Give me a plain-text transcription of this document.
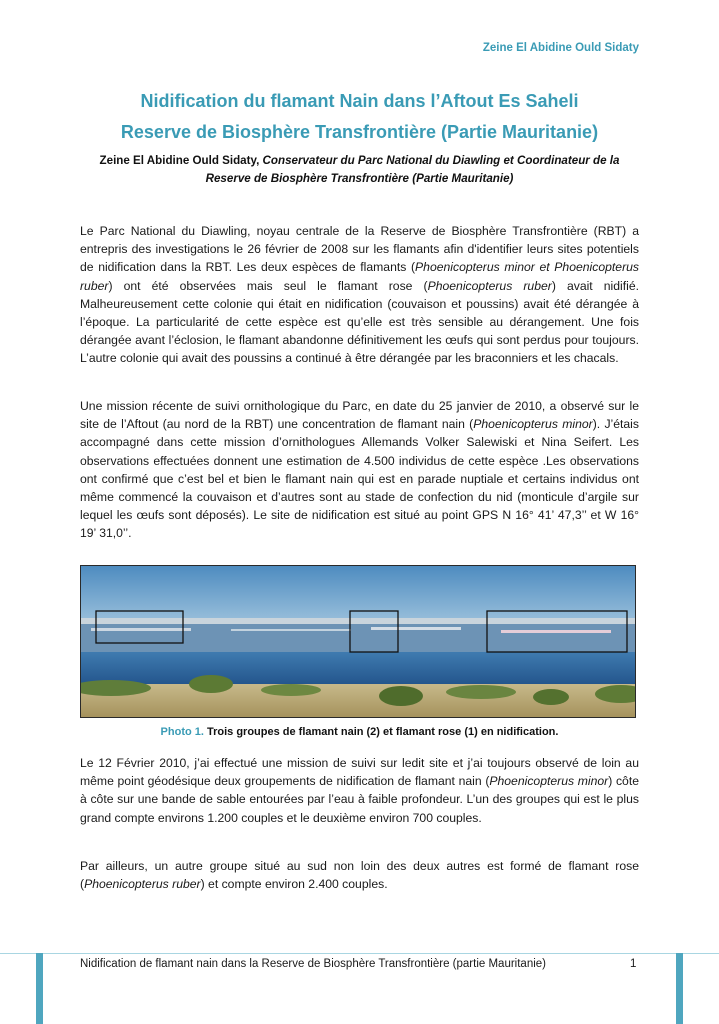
Zeine El Abidine Ould Sidaty
Nidification du flamant Nain dans l’Aftout Es Saheli
Reserve de Biosphère Transfrontière (Partie Mauritanie)
Zeine El Abidine Ould Sidaty, Conservateur du Parc National du Diawling et Coordinateur de la Reserve de Biosphère Transfrontière (Partie Mauritanie)
Le Parc National du Diawling, noyau centrale de la Reserve de Biosphère Transfrontière (RBT) a entrepris des investigations le 26 février de 2008 sur les flamants afin d'identifier leurs sites potentiels de nidification dans la RBT. Les deux espèces de flamants (Phoenicopterus minor et Phoenicopterus ruber) ont été observées mais seul le flamant rose (Phoenicopterus ruber) avait nidifié. Malheureusement cette colonie qui était en nidification (couvaison et poussins) avait été dérangée à l’époque. La particularité de cette espèce est qu’elle est très sensible au dérangement. Une fois dérangée avant l’éclosion, le flamant abandonne définitivement les œufs qui sont perdus pour toujours. L’autre colonie qui avait des poussins a continué à être dérangée par les braconniers et les chacals.
Une mission récente de suivi ornithologique du Parc, en date du 25 janvier de 2010, a observé sur le site de l’Aftout (au nord de la RBT) une concentration de flamant nain (Phoenicopterus minor). J’étais accompagné dans cette mission d’ornithologues Allemands Volker Salewiski et Nina Seifert. Les observations effectuées donnent une estimation de 4.500 individus de cette espèce .Les observations ont confirmé que c’est bel et bien le flamant nain qui est en parade nuptiale et certains individus ont même commencé la couvaison et d’autres sont au stade de confection du nid (monticule d’argile sur lequel les œufs sont déposés). Le site de nidification est situé au point GPS N 16° 41’ 47,3’’ et W 16° 19’ 31,0’’.
Photo 1. Trois groupes de flamant nain (2) et flamant rose (1) en nidification.
Le 12 Février 2010, j’ai effectué une mission de suivi sur ledit site et j’ai toujours observé de loin au même point géodésique deux groupements de nidification de flamant nain (Phoenicopterus minor) côte à côte sur une bande de sable entourées par l’eau à faible profondeur. L’un des groupes qui est le plus grand compte environs 1.200 couples et le deuxième environ 700 couples.
Par ailleurs, un autre groupe situé au sud non loin des deux autres est formé de flamant rose (Phoenicopterus ruber) et compte environ 2.400 couples.
Nidification de flamant nain dans la Reserve de Biosphère Transfrontière (partie Mauritanie)	1
